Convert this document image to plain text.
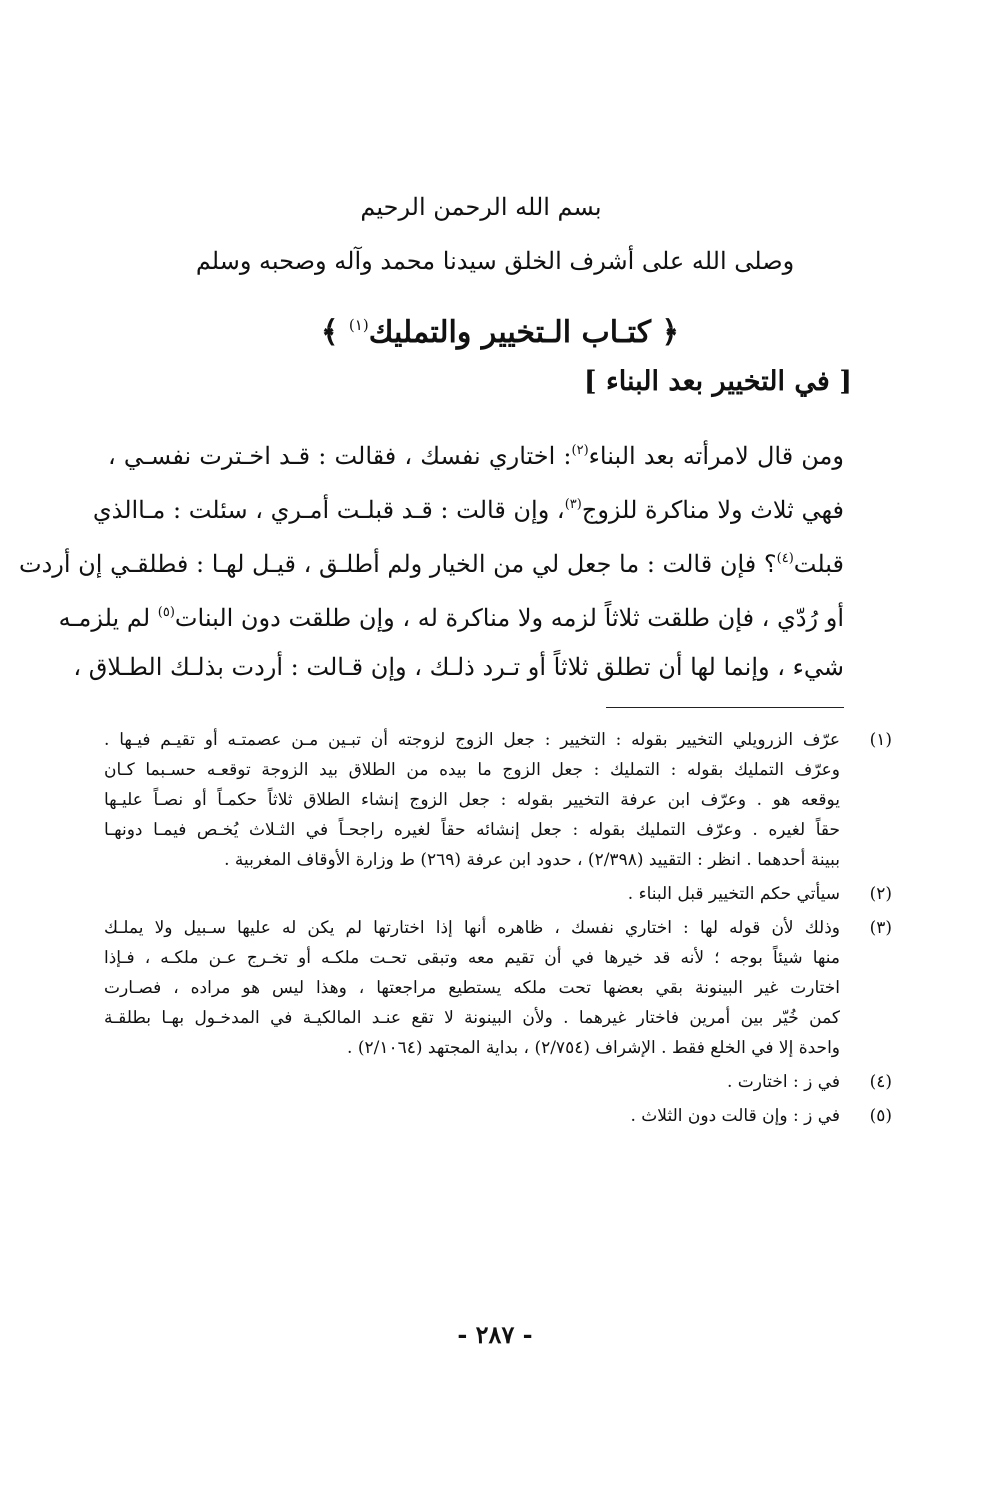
بسم الله الرحمن الرحيم
وصلى الله على أشرف الخلق سيدنا محمد وآله وصحبه وسلم
﴿ كتـاب الـتخيير والتمليك$^{(١)}$ ﴾
[ في التخيير بعد البناء ]
ومن قال لامرأته بعد البناء$^{(٢)}$: اختاري نفسك ، فقالت : قـد اخـترت نفسـي ،
فهي ثلاث ولا مناكرة للزوج$^{(٣)}$، وإن قالت : قـد قبلـت أمـري ، سئلت : مـاالذي
قبلت$^{(٤)}$؟ فإن قالت : ما جعل لي من الخيار ولم أطلـق ، قيـل لهـا : فطلقـي إن أردت
أو رُدّي ، فإن طلقت ثلاثاً لزمه ولا مناكرة له ، وإن طلقت دون البنات$^{(٥)}$ لم يلزمـه
شيء ، وإنما لها أن تطلق ثلاثاً أو تـرد ذلـك ، وإن قـالت : أردت بذلـك الطـلاق ،
(١)
عرّف الزرويلي التخيير بقوله : التخيير : جعل الزوج لزوجته أن تبـين مـن عصمتـه أو تقيـم فيـها .
وعرّف التمليك بقوله : التمليك : جعل الزوج ما بيده من الطلاق بيد الزوجة توقعـه حسـبما كـان
يوقعه هو . وعرّف ابن عرفة التخيير بقوله : جعل الزوج إنشاء الطلاق ثلاثاً حكمـاً أو نصـاً عليـها
حقاً لغيره . وعرّف التمليك بقوله : جعل إنشائه حقاً لغيره راجحـاً في الثـلاث يُخـص فيمـا دونهـا
ببينة أحدهما . انظر : التقييد (٢/٣٩٨) ، حدود ابن عرفة (٢٦٩) ط وزارة الأوقاف المغربية .
(٢)
سيأتي حكم التخيير قبل البناء .
(٣)
وذلك لأن قوله لها : اختاري نفسك ، ظاهره أنها إذا اختارتها لم يكن له عليها سـبيل ولا يملـك
منها شيئاً بوجه ؛ لأنه قد خيرها في أن تقيم معه وتبقى تحـت ملكـه أو تخـرج عـن ملكـه ، فـإذا
اختارت غير البينونة بقي بعضها تحت ملكه يستطيع مراجعتها ، وهذا ليس هو مراده ، فصـارت
كمن خُيّر بين أمرين فاختار غيرهما . ولأن البينونة لا تقع عنـد المالكيـة في المدخـول بهـا بطلقـة
واحدة إلا في الخلع فقط . الإشراف (٢/٧٥٤) ، بداية المجتهد (٢/١٠٦٤) .
(٤)
في ز : اختارت .
(٥)
في ز : وإن قالت دون الثلاث .
- ٢٨٧ -
